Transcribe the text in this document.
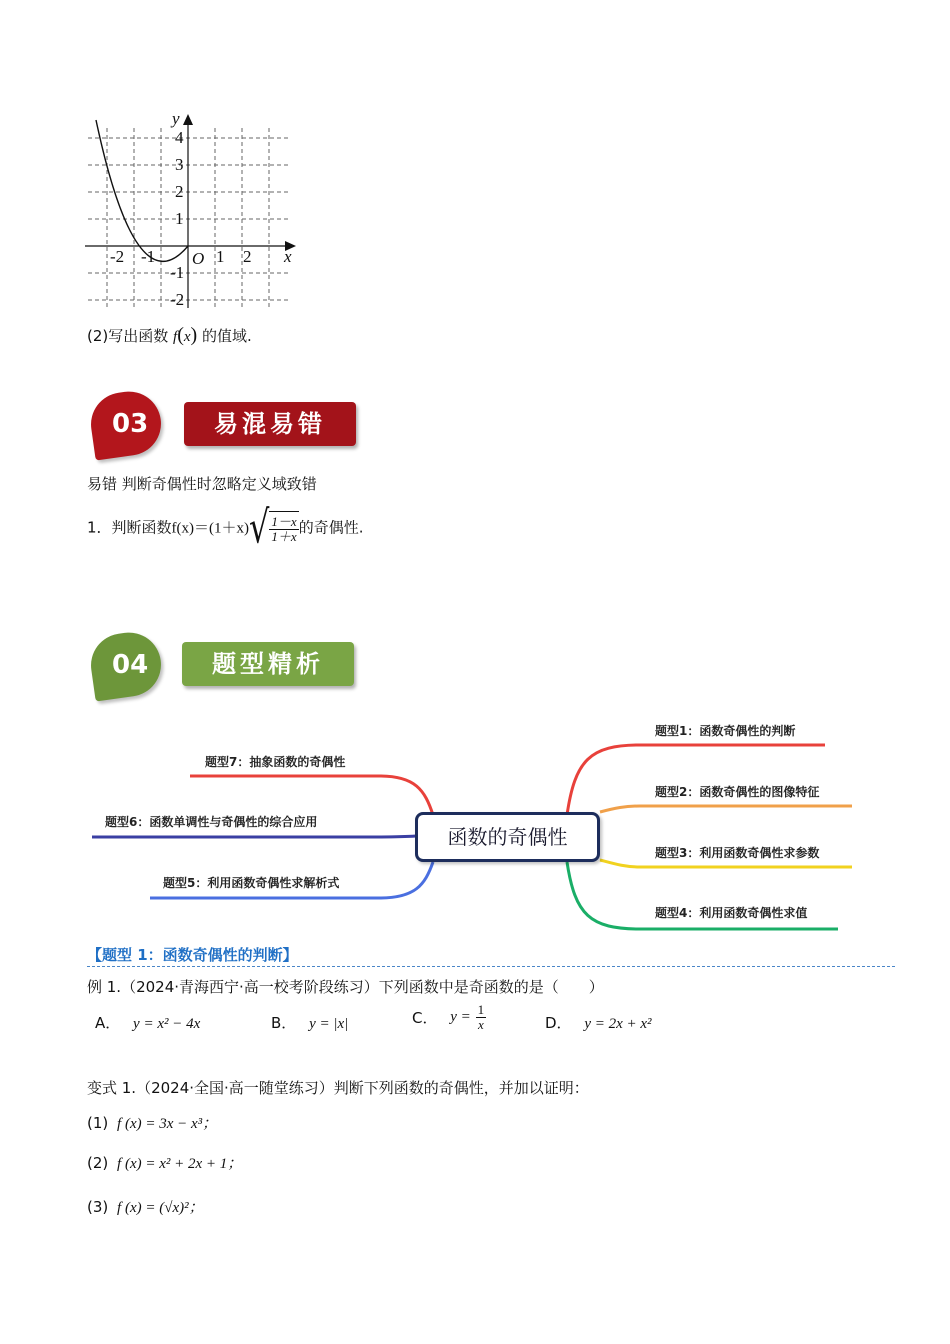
y
x
O
4
3
2
1
-1
-2
-2 -1	1 2
(2)写出函数 f(x) 的值域.
03	易混易错
易错 判断奇偶性时忽略定义域致错
1．判断函数$f(x)=(1+x)√ \frac{1-x}{1+x}$ 的奇偶性.
04	题型精析
函数的奇偶性
题型1：函数奇偶性的判断
题型2：函数奇偶性的图像特征
题型3：利用函数奇偶性求参数
题型4：利用函数奇偶性求值
题型7：抽象函数的奇偶性
题型6：函数单调性与奇偶性的综合应用
题型5：利用函数奇偶性求解析式
【题型 1：函数奇偶性的判断】
例 1.（2024·青海西宁·高一校考阶段练习）下列函数中是奇函数的是（　　）
A． y = x² − 4x	B． y = |x|	C． $y = \frac{1}{x}$	D． y = 2x + x²
变式 1.（2024·全国·高一随堂练习）判断下列函数的奇偶性，并加以证明：
(1) f (x) = 3x − x³；
(2) f (x) = x² + 2x + 1；
(3) f (x) = (√x)²；
